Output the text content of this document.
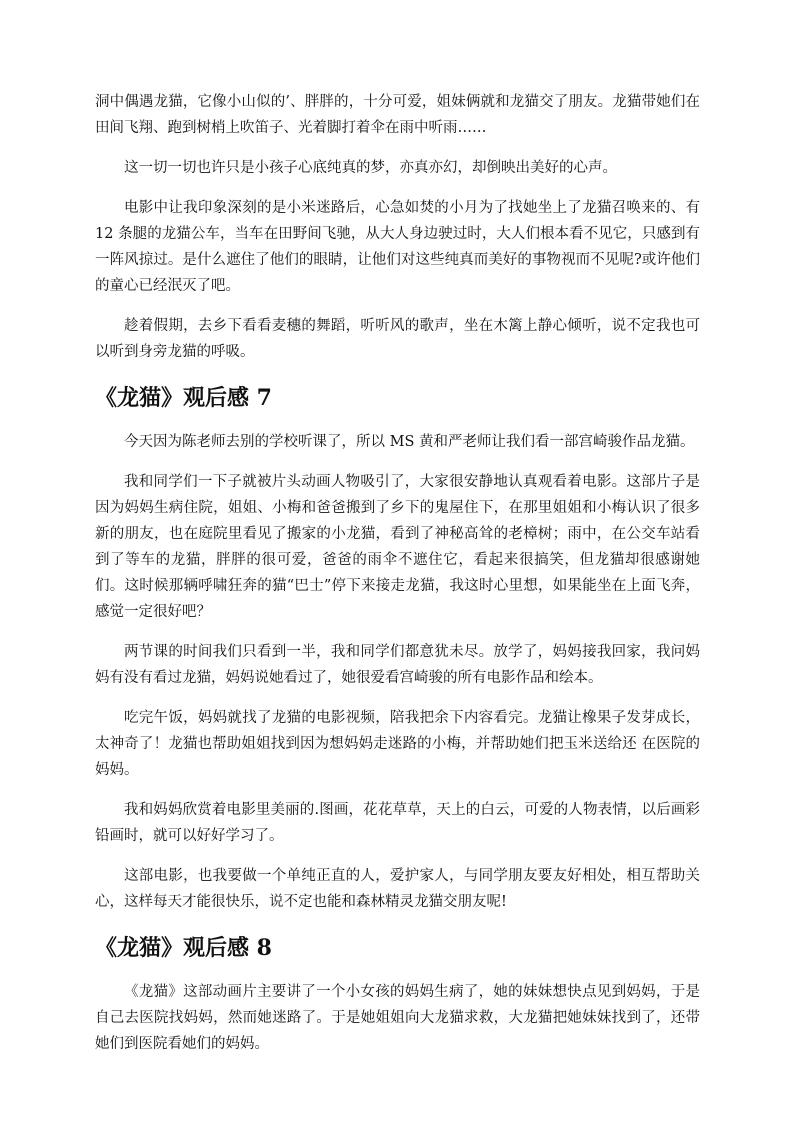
洞中偶遇龙猫，它像小山似的’、胖胖的，十分可爱，姐妹俩就和龙猫交了朋友。龙猫带她们在田间飞翔、跑到树梢上吹笛子、光着脚打着伞在雨中听雨……

这一切一切也许只是小孩子心底纯真的梦，亦真亦幻，却倒映出美好的心声。

电影中让我印象深刻的是小米迷路后，心急如焚的小月为了找她坐上了龙猫召唤来的、有 12 条腿的龙猫公车，当车在田野间飞驰，从大人身边驶过时，大人们根本看不见它，只感到有一阵风掠过。是什么遮住了他们的眼睛，让他们对这些纯真而美好的事物视而不见呢?或许他们的童心已经泯灭了吧。

趁着假期，去乡下看看麦穗的舞蹈，听听风的歌声，坐在木篱上静心倾听，说不定我也可以听到身旁龙猫的呼吸。

《龙猫》观后感 7

今天因为陈老师去别的学校听课了，所以 MS 黄和严老师让我们看一部宫崎骏作品龙猫。

我和同学们一下子就被片头动画人物吸引了，大家很安静地认真观看着电影。这部片子是因为妈妈生病住院，姐姐、小梅和爸爸搬到了乡下的鬼屋住下，在那里姐姐和小梅认识了很多新的朋友，也在庭院里看见了搬家的小龙猫，看到了神秘高耸的老樟树；雨中，在公交车站看到了等车的龙猫，胖胖的很可爱，爸爸的雨伞不遮住它，看起来很搞笑，但龙猫却很感谢她们。这时候那辆呼啸狂奔的猫“巴士”停下来接走龙猫，我这时心里想，如果能坐在上面飞奔，感觉一定很好吧？

两节课的时间我们只看到一半，我和同学们都意犹未尽。放学了，妈妈接我回家，我问妈妈有没有看过龙猫，妈妈说她看过了，她很爱看宫崎骏的所有电影作品和绘本。

吃完午饭，妈妈就找了龙猫的电影视频，陪我把余下内容看完。龙猫让橡果子发芽成长，太神奇了！龙猫也帮助姐姐找到因为想妈妈走迷路的小梅，并帮助她们把玉米送给还 在医院的妈妈。

我和妈妈欣赏着电影里美丽的.图画，花花草草，天上的白云，可爱的人物表情，以后画彩铅画时，就可以好好学习了。

这部电影，也我要做一个单纯正直的人，爱护家人，与同学朋友要友好相处，相互帮助关心，这样每天才能很快乐，说不定也能和森林精灵龙猫交朋友呢!

《龙猫》观后感 8

《龙猫》这部动画片主要讲了一个小女孩的妈妈生病了，她的妹妹想快点见到妈妈，于是自己去医院找妈妈，然而她迷路了。于是她姐姐向大龙猫求救，大龙猫把她妹妹找到了，还带她们到医院看她们的妈妈。
